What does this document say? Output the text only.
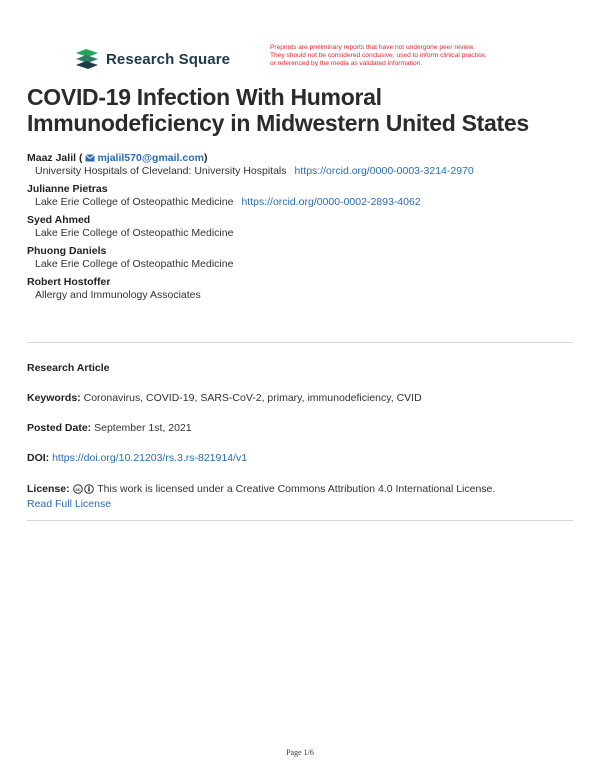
Research Square
Preprints are preliminary reports that have not undergone peer review.
They should not be considered conclusive, used to inform clinical practice,
or referenced by the media as validated information.
COVID-19 Infection With Humoral Immunodeficiency in Midwestern United States
Maaz Jalil ( mjalil570@gmail.com)
University Hospitals of Cleveland: University Hospitals https://orcid.org/0000-0003-3214-2970
Julianne Pietras
Lake Erie College of Osteopathic Medicine https://orcid.org/0000-0002-2893-4062
Syed Ahmed
Lake Erie College of Osteopathic Medicine
Phuong Daniels
Lake Erie College of Osteopathic Medicine
Robert Hostoffer
Allergy and Immunology Associates
Research Article
Keywords: Coronavirus, COVID-19, SARS-CoV-2, primary, immunodeficiency, CVID
Posted Date: September 1st, 2021
DOI: https://doi.org/10.21203/rs.3.rs-821914/v1
License: cc This work is licensed under a Creative Commons Attribution 4.0 International License.
Read Full License
Page 1/6
